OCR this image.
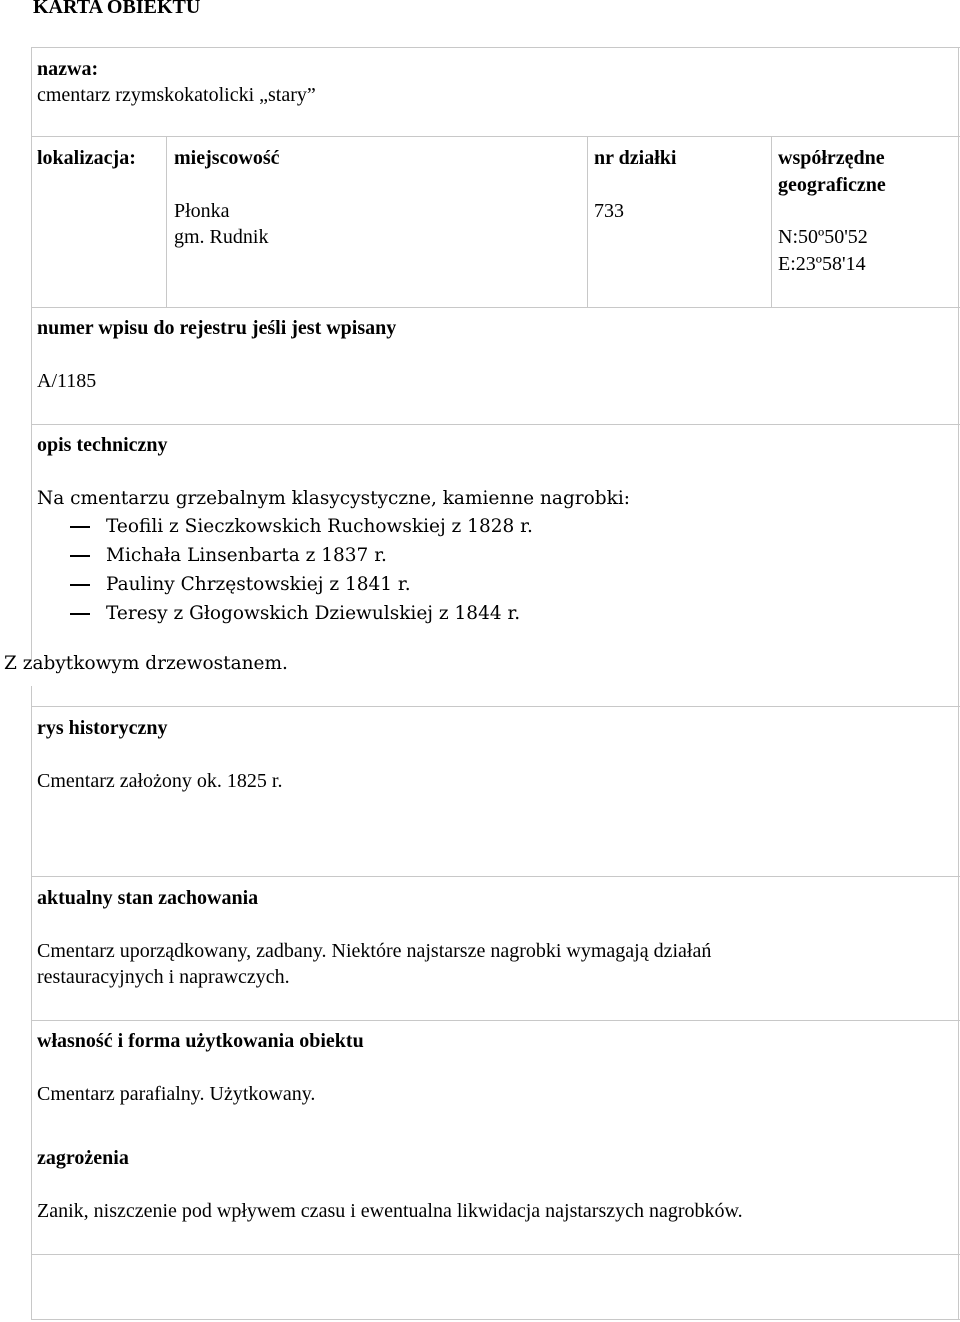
KARTA OBIEKTU
nazwa:
cmentarz rzymskokatolicki „stary”
lokalizacja: miejscowość
Płonka
gm. Rudnik
nr działki
733
współrzędne
geograficzne
N:50º50'52
E:23º58'14
numer wpisu do rejestru jeśli jest wpisany
A/1185
opis techniczny
Na cmentarzu grzebalnym klasycystyczne, kamienne nagrobki:
Teofili z Sieczkowskich Ruchowskiej z 1828 r.
Michała Linsenbarta z 1837 r.
Pauliny Chrzęstowskiej z 1841 r.
Teresy z Głogowskich Dziewulskiej z 1844 r.
Z zabytkowym drzewostanem.
rys historyczny
Cmentarz założony ok. 1825 r.
aktualny stan zachowania
Cmentarz uporządkowany, zadbany. Niektóre najstarsze nagrobki wymagają działań
restauracyjnych i naprawczych.
własność i forma użytkowania obiektu
Cmentarz parafialny. Użytkowany.
zagrożenia
Zanik, niszczenie pod wpływem czasu i ewentualna likwidacja najstarszych nagrobków.
